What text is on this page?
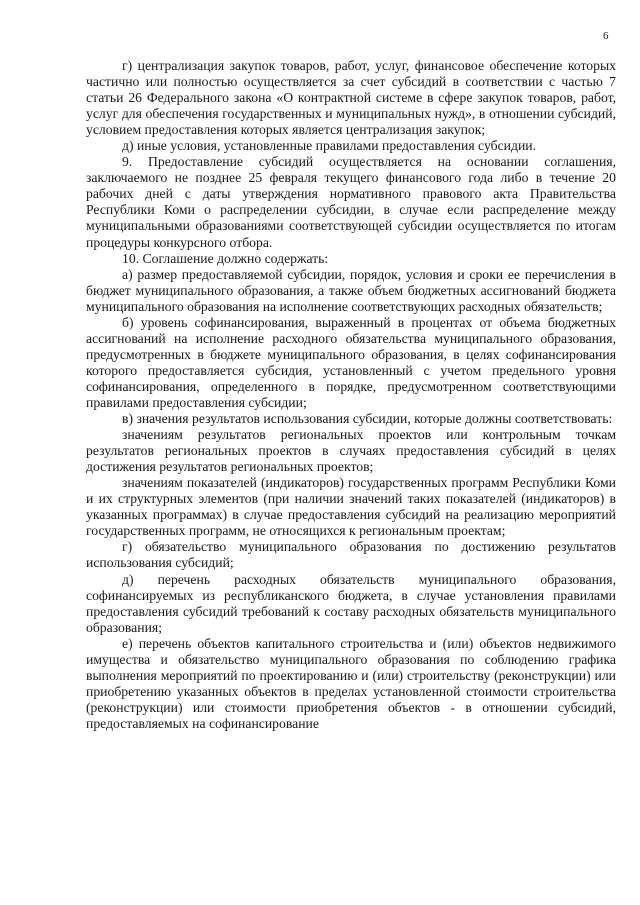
6

г) централизация закупок товаров, работ, услуг, финансовое обеспечение которых частично или полностью осуществляется за счет субсидий в соответствии с частью 7 статьи 26 Федерального закона «О контрактной системе в сфере закупок товаров, работ, услуг для обеспечения государственных и муниципальных нужд», в отношении субсидий, условием предоставления которых является централизация закупок;

д) иные условия, установленные правилами предоставления субсидии.

9. Предоставление субсидий осуществляется на основании соглашения, заключаемого не позднее 25 февраля текущего финансового года либо в течение 20 рабочих дней с даты утверждения нормативного правового акта Правительства Республики Коми о распределении субсидии, в случае если распределение между муниципальными образованиями соответствующей субсидии осуществляется по итогам процедуры конкурсного отбора.

10. Соглашение должно содержать:

а) размер предоставляемой субсидии, порядок, условия и сроки ее перечисления в бюджет муниципального образования, а также объем бюджетных ассигнований бюджета муниципального образования на исполнение соответствующих расходных обязательств;

б) уровень софинансирования, выраженный в процентах от объема бюджетных ассигнований на исполнение расходного обязательства муниципального образования, предусмотренных в бюджете муниципального образования, в целях софинансирования которого предоставляется субсидия, установленный с учетом предельного уровня софинансирования, определенного в порядке, предусмотренном соответствующими правилами предоставления субсидии;

в) значения результатов использования субсидии, которые должны соответствовать:

значениям результатов региональных проектов или контрольным точкам результатов региональных проектов в случаях предоставления субсидий в целях достижения результатов региональных проектов;

значениям показателей (индикаторов) государственных программ Республики Коми и их структурных элементов (при наличии значений таких показателей (индикаторов) в указанных программах) в случае предоставления субсидий на реализацию мероприятий государственных программ, не относящихся к региональным проектам;

г) обязательство муниципального образования по достижению результатов использования субсидий;

д) перечень расходных обязательств муниципального образования, софинансируемых из республиканского бюджета, в случае установления правилами предоставления субсидий требований к составу расходных обязательств муниципального образования;

е) перечень объектов капитального строительства и (или) объектов недвижимого имущества и обязательство муниципального образования по соблюдению графика выполнения мероприятий по проектированию и (или) строительству (реконструкции) или приобретению указанных объектов в пределах установленной стоимости строительства (реконструкции) или стоимости приобретения объектов - в отношении субсидий, предоставляемых на софинансирование
